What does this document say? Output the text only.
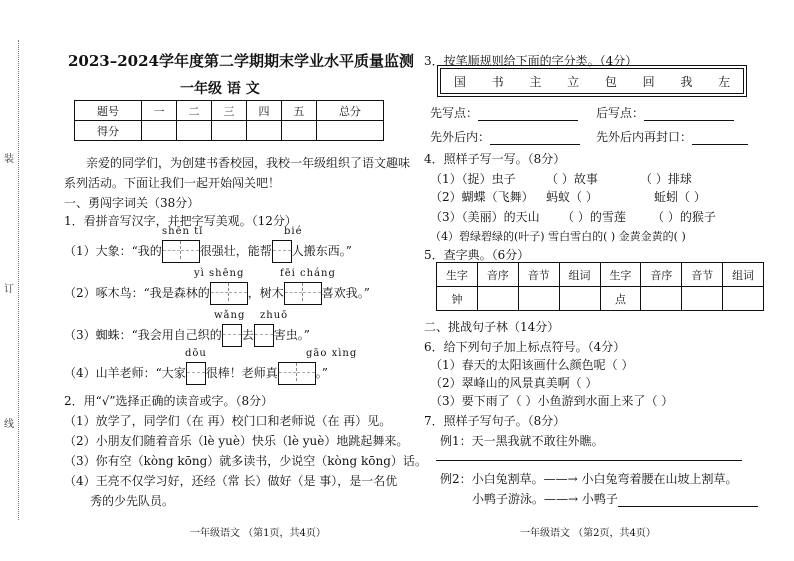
装
订
线
2023–2024学年度第二学期期末学业水平质量监测
一年级 语 文
题号	一	二	三	四	五	总分
得分						
亲爱的同学们，为创建书香校园，我校一年级组织了语文趣味
系列活动。下面让我们一起开始闯关吧！
一、勇闯字词关（38分）
1．看拼音写汉字，并把字写美观。（12分）
shēn tǐ	bié
（1）大象：“我的	很强壮，能帮 人搬东西。”
yì shēng	fēi cháng
（2）啄木鸟：“我是森林的	，树木	喜欢我。”
wǎng zhuō
（3）蜘蛛：“我会用自己织的 去 害虫。”
dōu	gāo xìng
（4）山羊老师：“大家 很棒！老师真	。”
2．用“√”选择正确的读音或字。（8分）
（1）放学了，同学们（在 再）校门口和老师说（在 再）见。
（2）小朋友们随着音乐（lè yuè）快乐（lè yuè）地跳起舞来。
（3）你有空（kòng kōng）就多读书，少说空（kòng kōng）话。
（4）王亮不仅学习好，还经（常 长）做好（是 事），是一名优
秀的少先队员。
一年级语文 （第1页，共4页）
3．按笔顺规则给下面的字分类。（4分）
国 书 主 立 包 回 我 左
先写点：	后写点：
先外后内：	先外后内再封口：
4．照样子写一写。（8分）
（1）（捉）虫子	（ ）故事	（ ）排球
（2）蝴蝶（飞舞） 蚂蚁（ ）	蚯蚓（ ）
（3）（美丽）的天山 （ ）的雪莲 （ ）的猴子
（4）碧绿碧绿的(叶子) 雪白雪白的( ) 金黄金黄的( )
5．查字典。（6分）
生字	音序	音节	组词	生字	音序	音节	组词
钟				点			
二、挑战句子林（14分）
6．给下列句子加上标点符号。（4分）
（1）春天的太阳该画什么颜色呢（ ）
（2）翠峰山的风景真美啊（ ）
（3）要下雨了（ ）小鱼游到水面上来了（ ）
7．照样子写句子。（8分）
例1：天一黑我就不敢往外瞧。
例2：小白兔割草。——→ 小白兔弯着腰在山坡上割草。
小鸭子游泳。——→ 小鸭子
一年级语文 （第2页，共4页）
